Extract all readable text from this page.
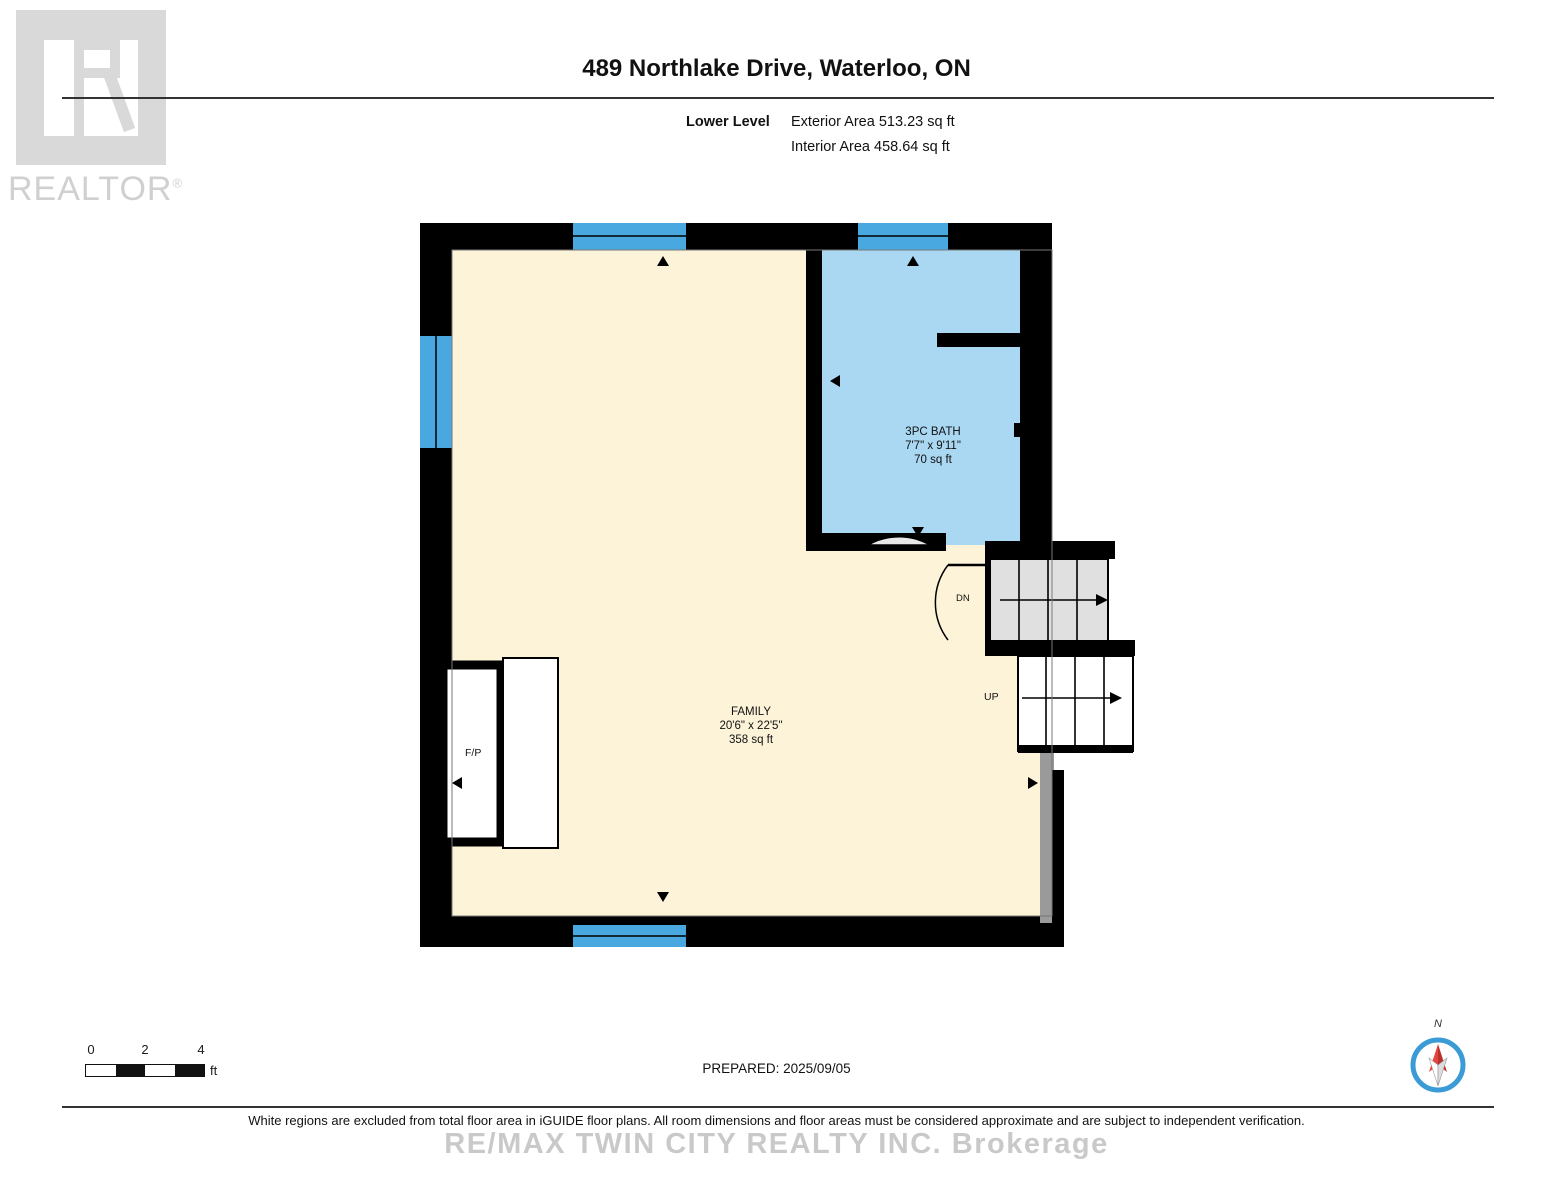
REALTOR®
489 Northlake Drive, Waterloo, ON
Lower Level	Exterior Area 513.23 sq ft
Interior Area 458.64 sq ft
3PC BATH
7'7" x 9'11"
70 sq ft
FAMILY
20'6" x 22'5"
358 sq ft
F/P
DN
UP
0	2	4
ft	PREPARED: 2025/09/05
N
White regions are excluded from total floor area in iGUIDE floor plans. All room dimensions and floor areas must be considered approximate and are subject to independent verification.
RE/MAX TWIN CITY REALTY INC. Brokerage
